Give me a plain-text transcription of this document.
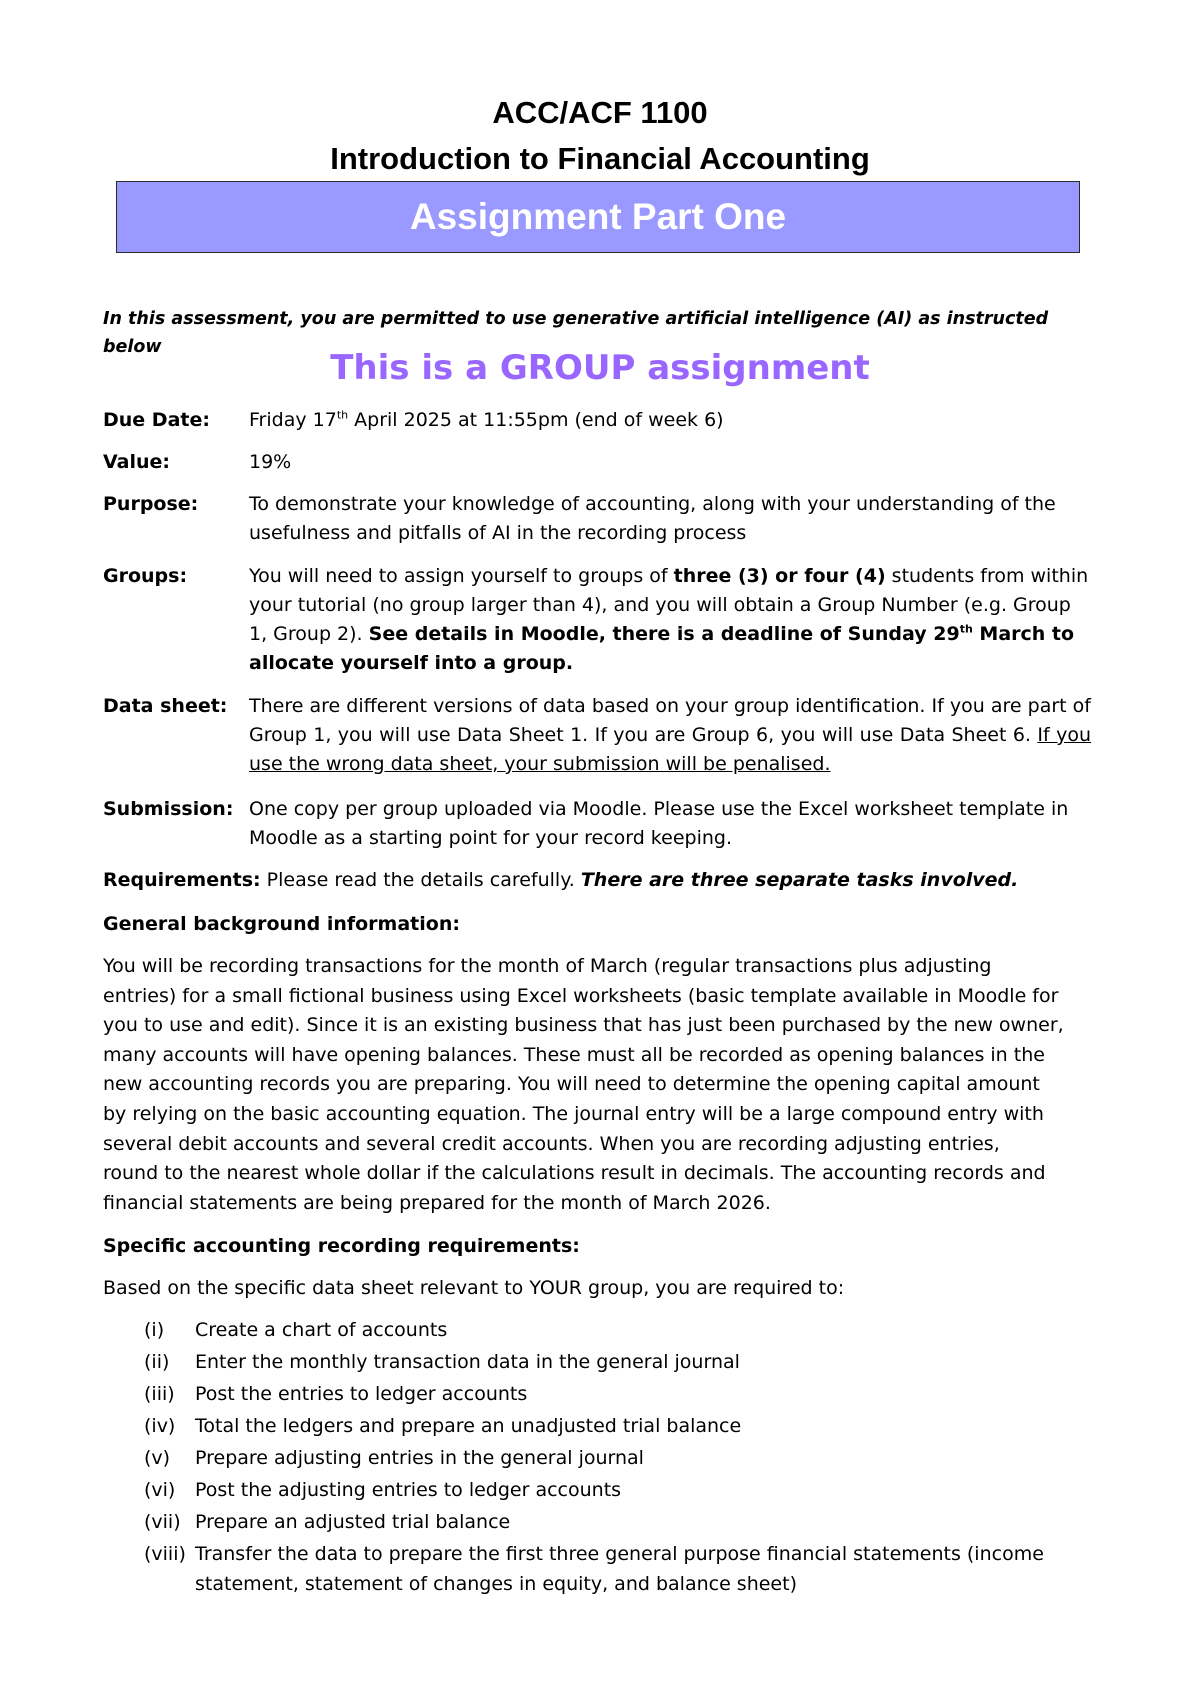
ACC/ACF 1100
Introduction to Financial Accounting
Assignment Part One
In this assessment, you are permitted to use generative artificial intelligence (AI) as instructed below
This is a GROUP assignment
Due Date: Friday 17th April 2025 at 11:55pm (end of week 6)
Value:	19%
Purpose:	To demonstrate your knowledge of accounting, along with your understanding of the usefulness and pitfalls of AI in the recording process
Groups:	You will need to assign yourself to groups of three (3) or four (4) students from within your tutorial (no group larger than 4), and you will obtain a Group Number (e.g. Group 1, Group 2). See details in Moodle, there is a deadline of Sunday 29th March to allocate yourself into a group.
Data sheet: There are different versions of data based on your group identification. If you are part of Group 1, you will use Data Sheet 1. If you are Group 6, you will use Data Sheet 6. If you use the wrong data sheet, your submission will be penalised.
Submission: One copy per group uploaded via Moodle. Please use the Excel worksheet template in Moodle as a starting point for your record keeping.
Requirements: Please read the details carefully. There are three separate tasks involved.
General background information:
You will be recording transactions for the month of March (regular transactions plus adjusting
entries) for a small fictional business using Excel worksheets (basic template available in Moodle for
you to use and edit). Since it is an existing business that has just been purchased by the new owner,
many accounts will have opening balances. These must all be recorded as opening balances in the
new accounting records you are preparing. You will need to determine the opening capital amount
by relying on the basic accounting equation. The journal entry will be a large compound entry with
several debit accounts and several credit accounts. When you are recording adjusting entries,
round to the nearest whole dollar if the calculations result in decimals. The accounting records and
financial statements are being prepared for the month of March 2026.
Specific accounting recording requirements:
Based on the specific data sheet relevant to YOUR group, you are required to:
(i) Create a chart of accounts
(ii) Enter the monthly transaction data in the general journal
(iii) Post the entries to ledger accounts
(iv) Total the ledgers and prepare an unadjusted trial balance
(v) Prepare adjusting entries in the general journal
(vi) Post the adjusting entries to ledger accounts
(vii) Prepare an adjusted trial balance
(viii) Transfer the data to prepare the first three general purpose financial statements (income statement, statement of changes in equity, and balance sheet)
